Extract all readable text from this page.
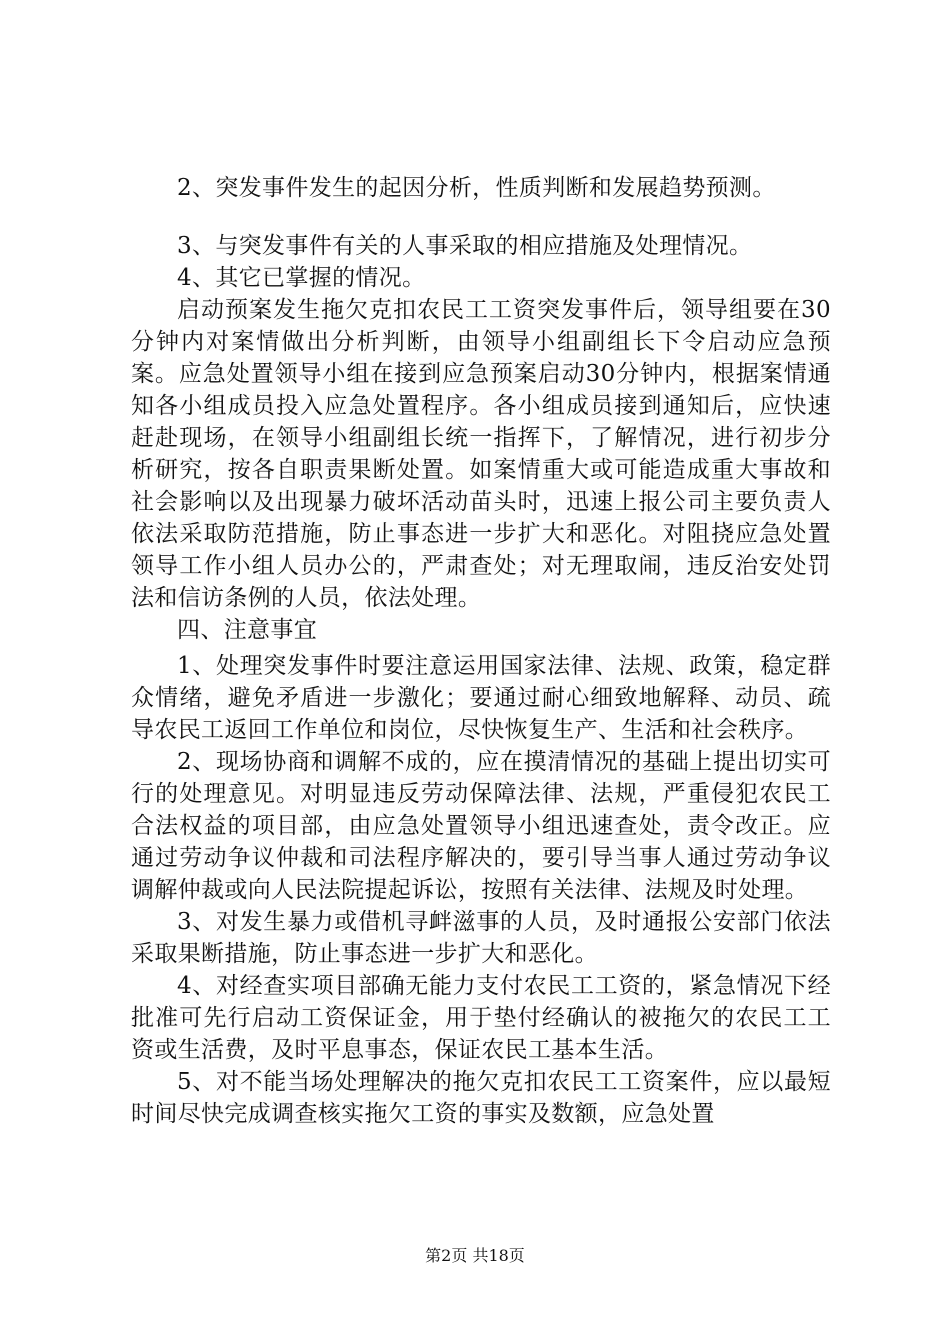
2、突发事件发生的起因分析，性质判断和发展趋势预测。

3、与突发事件有关的人事采取的相应措施及处理情况。

4、其它已掌握的情况。

启动预案发生拖欠克扣农民工工资突发事件后，领导组要在30分钟内对案情做出分析判断，由领导小组副组长下令启动应急预案。应急处置领导小组在接到应急预案启动30分钟内，根据案情通知各小组成员投入应急处置程序。各小组成员接到通知后，应快速赶赴现场，在领导小组副组长统一指挥下，了解情况，进行初步分析研究，按各自职责果断处置。如案情重大或可能造成重大事故和社会影响以及出现暴力破坏活动苗头时，迅速上报公司主要负责人依法采取防范措施，防止事态进一步扩大和恶化。对阻挠应急处置领导工作小组人员办公的，严肃查处；对无理取闹，违反治安处罚法和信访条例的人员，依法处理。

四、注意事宜

1、处理突发事件时要注意运用国家法律、法规、政策，稳定群众情绪，避免矛盾进一步激化；要通过耐心细致地解释、动员、疏导农民工返回工作单位和岗位，尽快恢复生产、生活和社会秩序。

2、现场协商和调解不成的，应在摸清情况的基础上提出切实可行的处理意见。对明显违反劳动保障法律、法规，严重侵犯农民工合法权益的项目部，由应急处置领导小组迅速查处，责令改正。应通过劳动争议仲裁和司法程序解决的，要引导当事人通过劳动争议调解仲裁或向人民法院提起诉讼，按照有关法律、法规及时处理。

3、对发生暴力或借机寻衅滋事的人员，及时通报公安部门依法采取果断措施，防止事态进一步扩大和恶化。

4、对经查实项目部确无能力支付农民工工资的，紧急情况下经批准可先行启动工资保证金，用于垫付经确认的被拖欠的农民工工资或生活费，及时平息事态，保证农民工基本生活。

5、对不能当场处理解决的拖欠克扣农民工工资案件，应以最短时间尽快完成调查核实拖欠工资的事实及数额，应急处置

第2页 共18页
